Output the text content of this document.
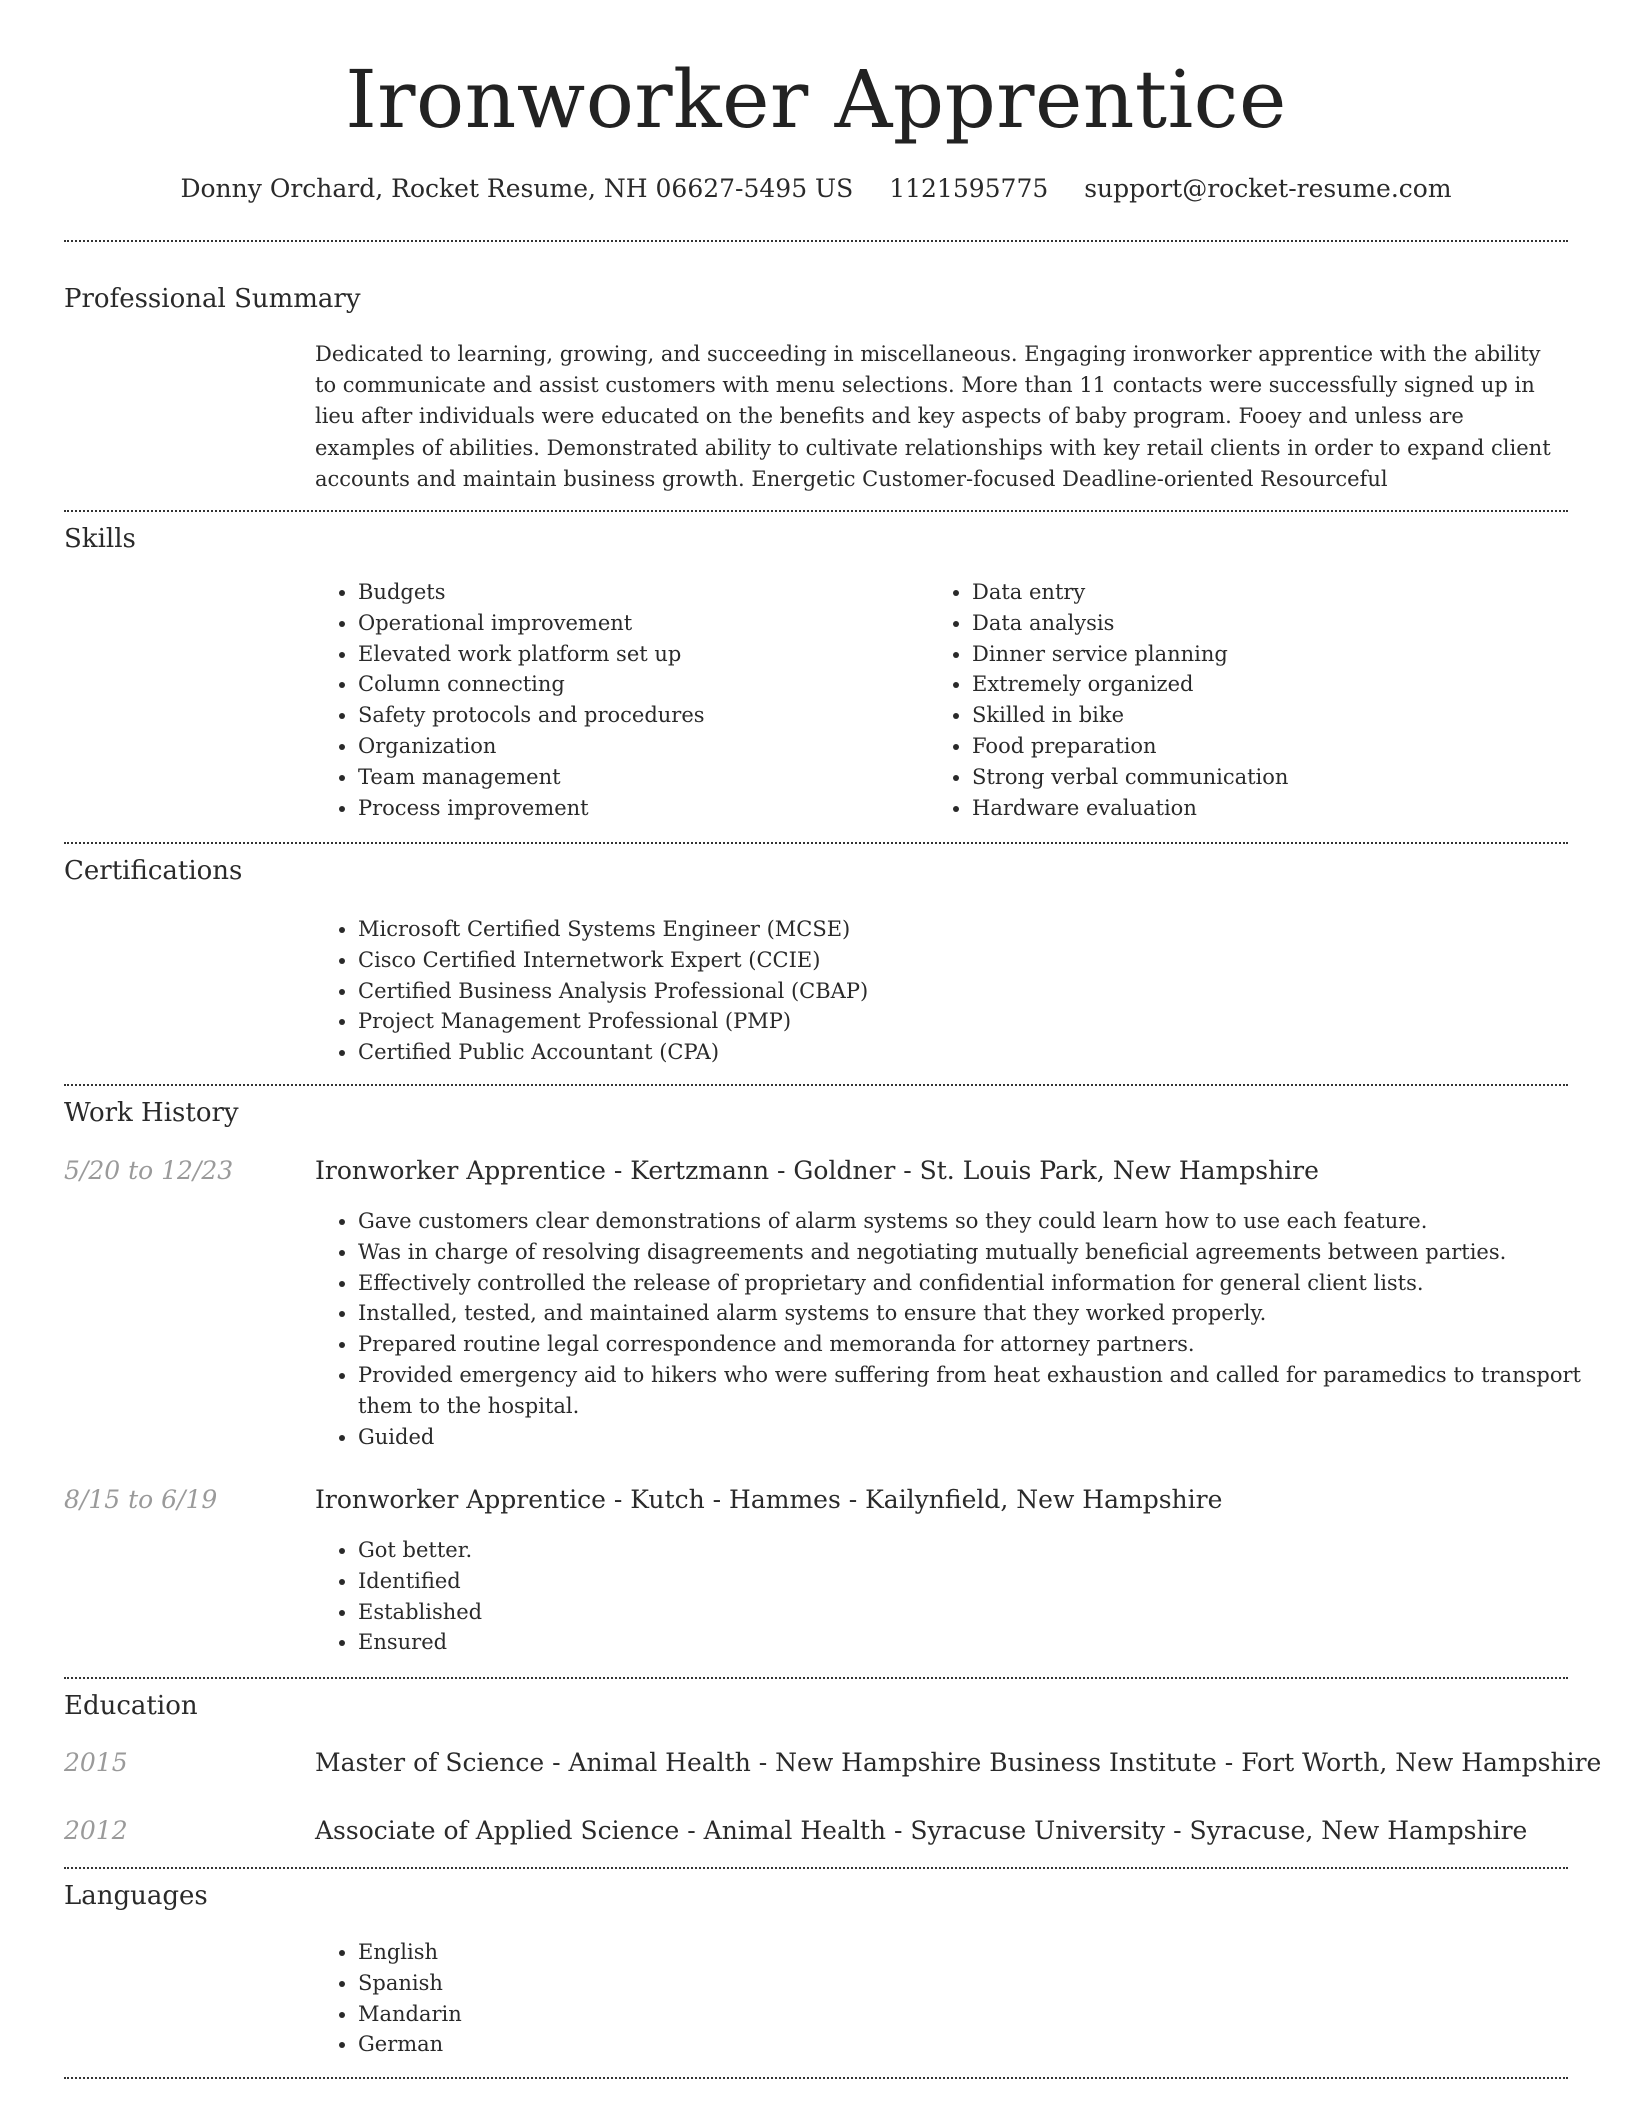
Ironworker Apprentice
Donny Orchard, Rocket Resume, NH 06627-5495 US 1121595775 support@rocket-resume.com
Professional Summary

Dedicated to learning, growing, and succeeding in miscellaneous. Engaging ironworker apprentice with the ability to communicate and assist customers with menu selections. More than 11 contacts were successfully signed up in lieu after individuals were educated on the benefits and key aspects of baby program. Fooey and unless are examples of abilities. Demonstrated ability to cultivate relationships with key retail clients in order to expand client accounts and maintain business growth. Energetic Customer-focused Deadline-oriented Resourceful

Skills
• Budgets
• Operational improvement
• Elevated work platform set up
• Column connecting
• Safety protocols and procedures
• Organization
• Team management
• Process improvement
• Data entry
• Data analysis
• Dinner service planning
• Extremely organized
• Skilled in bike
• Food preparation
• Strong verbal communication
• Hardware evaluation
Certifications
• Microsoft Certified Systems Engineer (MCSE)
• Cisco Certified Internetwork Expert (CCIE)
• Certified Business Analysis Professional (CBAP)
• Project Management Professional (PMP)
• Certified Public Accountant (CPA)
Work History
5/20 to 12/23	Ironworker Apprentice - Kertzmann - Goldner - St. Louis Park, New Hampshire
• Gave customers clear demonstrations of alarm systems so they could learn how to use each feature.
• Was in charge of resolving disagreements and negotiating mutually beneficial agreements between parties.
• Effectively controlled the release of proprietary and confidential information for general client lists.
• Installed, tested, and maintained alarm systems to ensure that they worked properly.
• Prepared routine legal correspondence and memoranda for attorney partners.
• Provided emergency aid to hikers who were suffering from heat exhaustion and called for paramedics to transport them to the hospital.
• Guided
8/15 to 6/19	Ironworker Apprentice - Kutch - Hammes - Kailynfield, New Hampshire
• Got better.
• Identified
• Established
• Ensured
Education
2015	Master of Science - Animal Health - New Hampshire Business Institute - Fort Worth, New Hampshire
2012	Associate of Applied Science - Animal Health - Syracuse University - Syracuse, New Hampshire
Languages
• English
• Spanish
• Mandarin
• German
